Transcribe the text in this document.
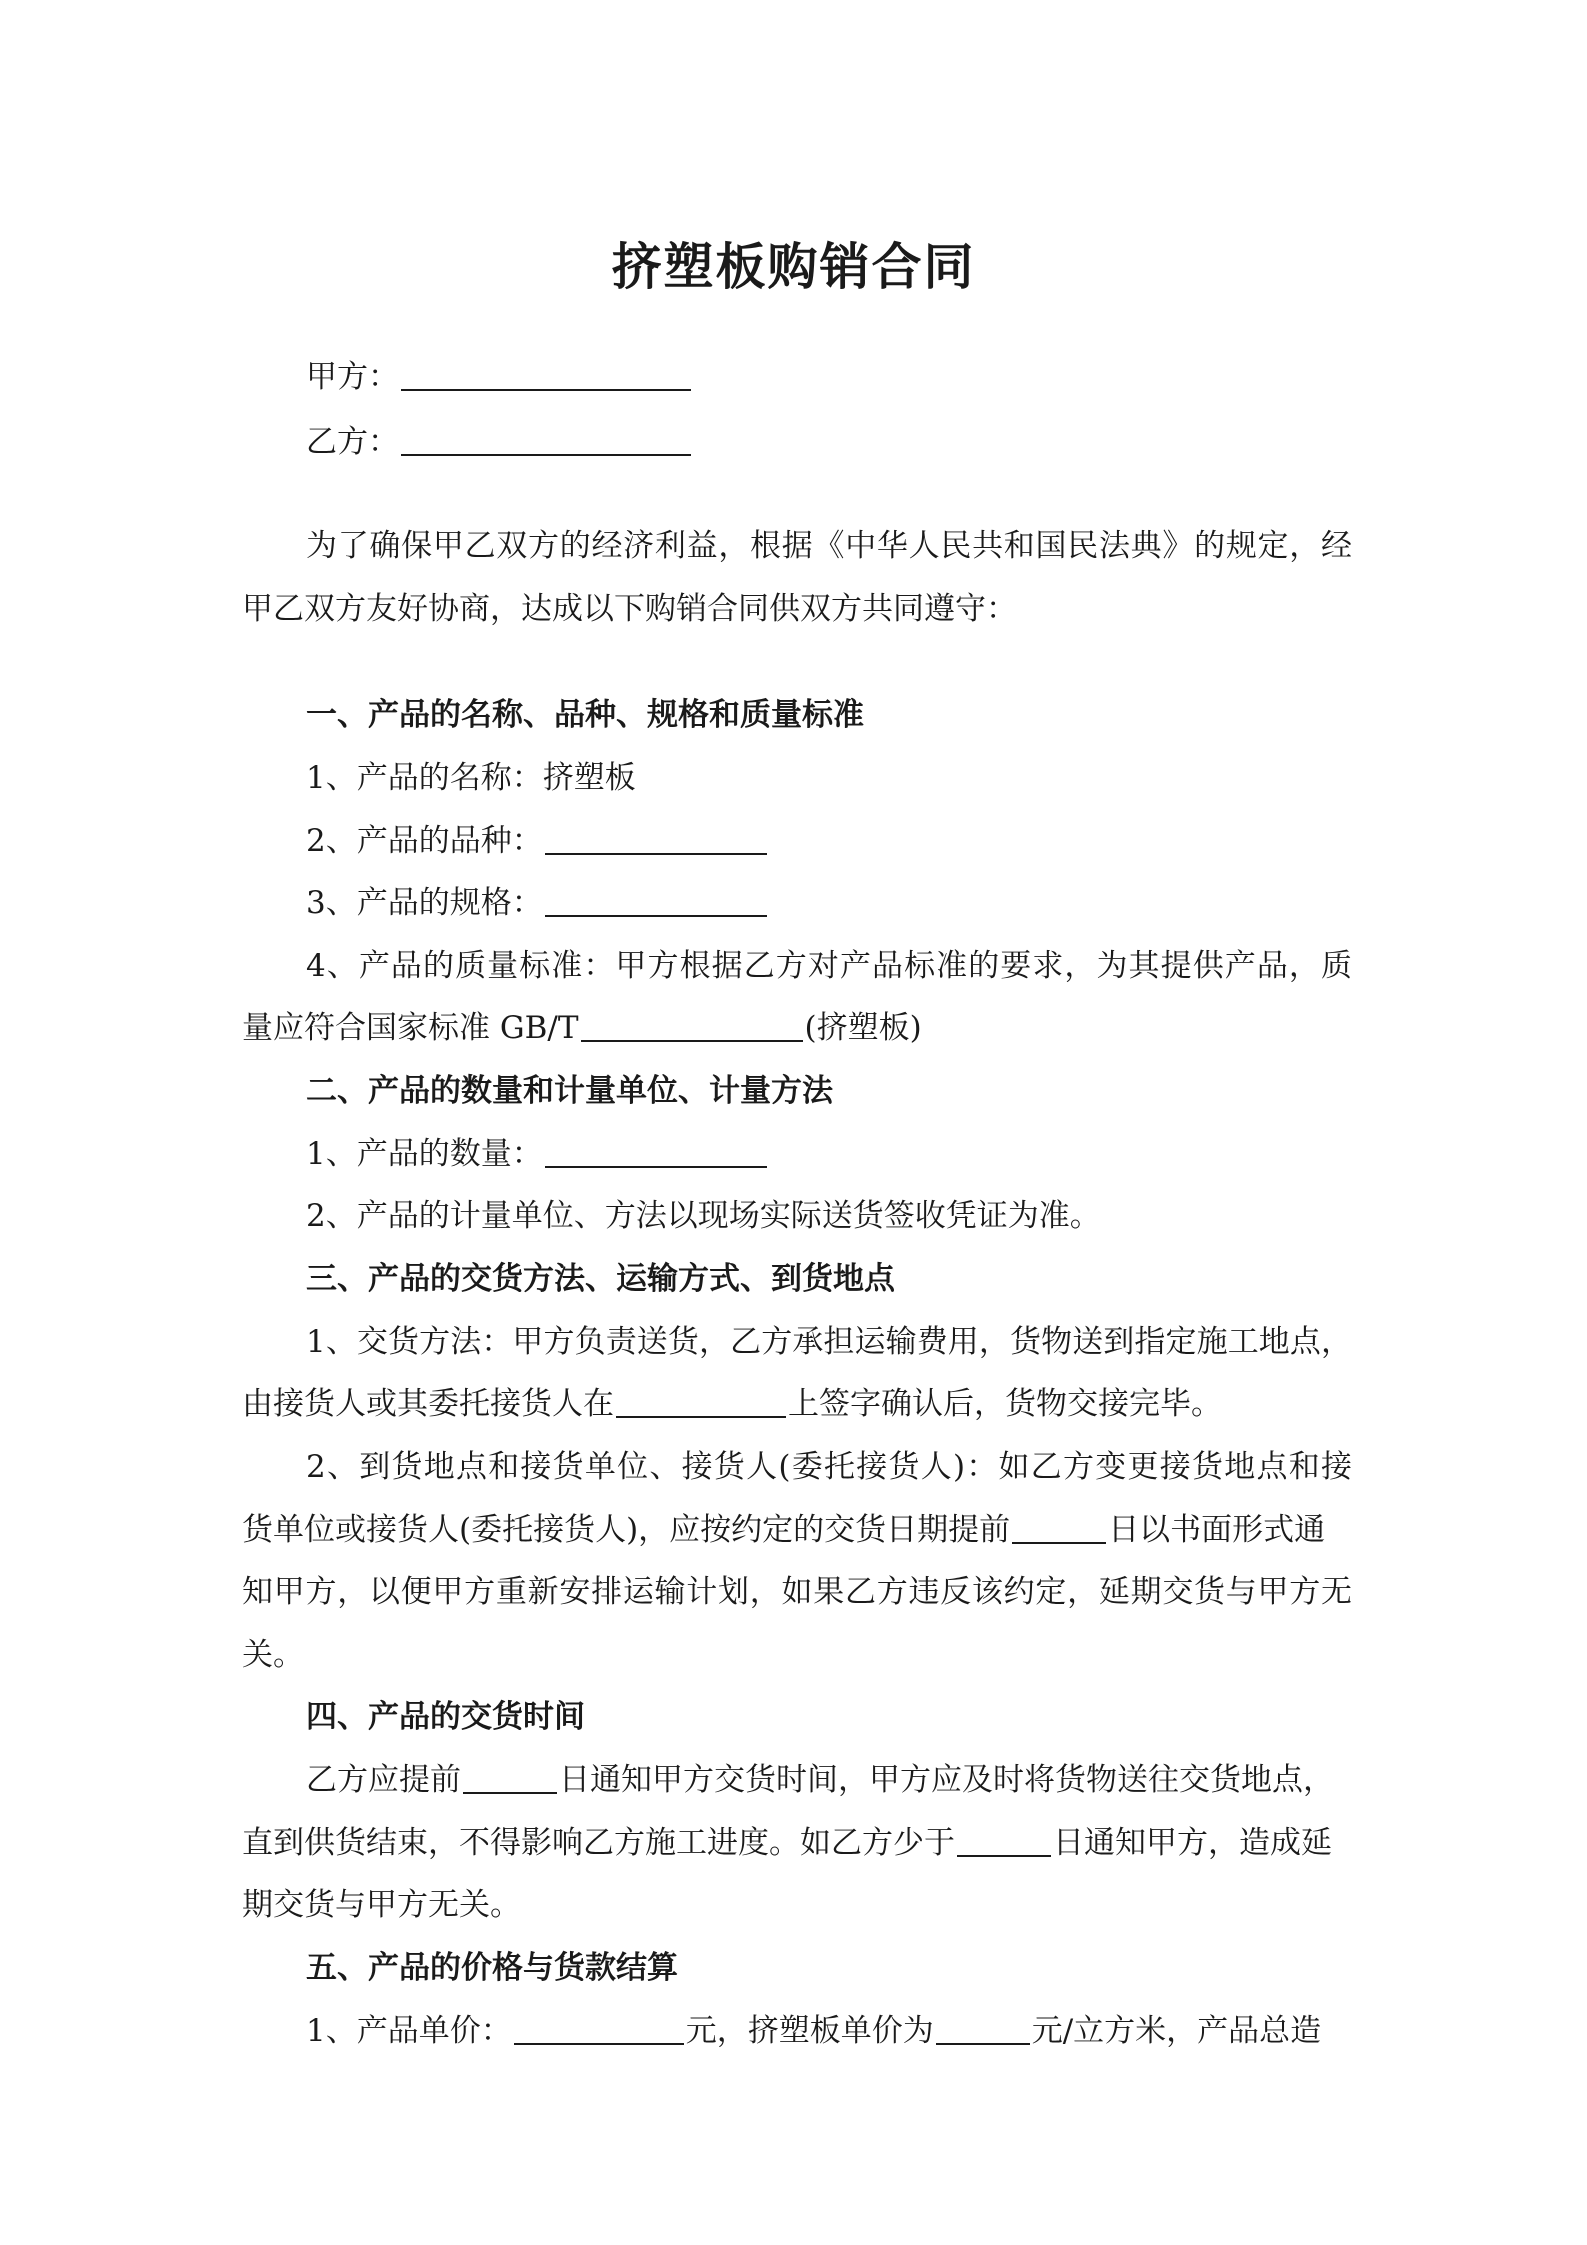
挤塑板购销合同
甲方：
乙方：
为了确保甲乙双方的经济利益，根据《中华人民共和国民法典》的规定，经
甲乙双方友好协商，达成以下购销合同供双方共同遵守：
一、产品的名称、品种、规格和质量标准
1、产品的名称：挤塑板
2、产品的品种：
3、产品的规格：
4、产品的质量标准：甲方根据乙方对产品标准的要求，为其提供产品，质
量应符合国家标准 GB/T	(挤塑板)
二、产品的数量和计量单位、计量方法
1、产品的数量：
2、产品的计量单位、方法以现场实际送货签收凭证为准。
三、产品的交货方法、运输方式、到货地点
1、交货方法：甲方负责送货，乙方承担运输费用，货物送到指定施工地点，
由接货人或其委托接货人在	上签字确认后，货物交接完毕。
2、到货地点和接货单位、接货人(委托接货人)：如乙方变更接货地点和接
货单位或接货人(委托接货人)，应按约定的交货日期提前	日以书面形式通
知甲方，以便甲方重新安排运输计划，如果乙方违反该约定，延期交货与甲方无
关。
四、产品的交货时间
乙方应提前	日通知甲方交货时间，甲方应及时将货物送往交货地点，
直到供货结束，不得影响乙方施工进度。如乙方少于	日通知甲方，造成延
期交货与甲方无关。
五、产品的价格与货款结算
1、产品单价：	元，挤塑板单价为	元/立方米，产品总造
